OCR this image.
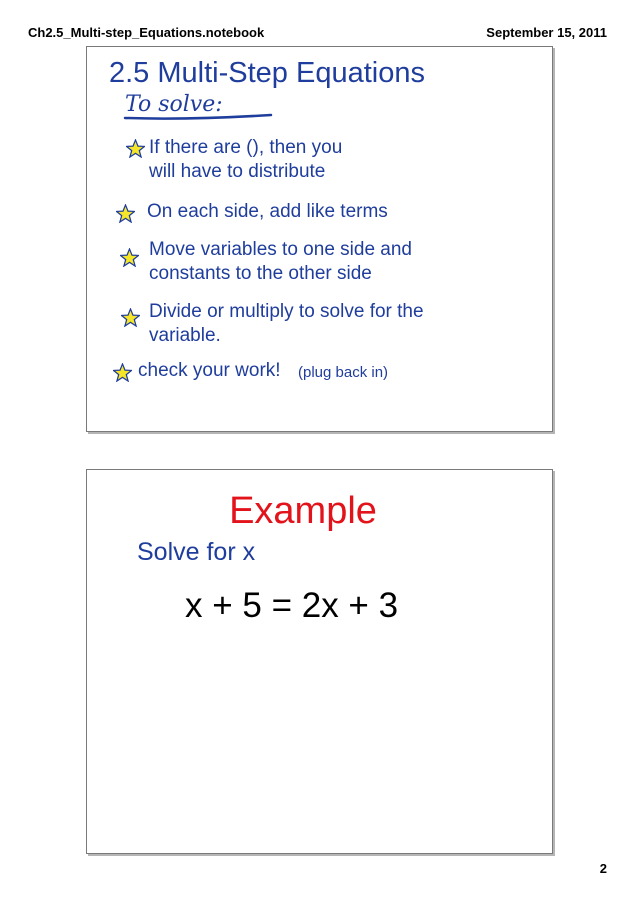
Ch2.5_Multi-step_Equations.notebook	September 15, 2011
2.5 Multi-Step Equations
To solve:
If there are (), then you
will have to distribute
On each side, add like terms
Move variables to one side and
constants to the other side
Divide or multiply to solve for the
variable.
check your work! (plug back in)
Example
Solve for x
x + 5 = 2x + 3
2
